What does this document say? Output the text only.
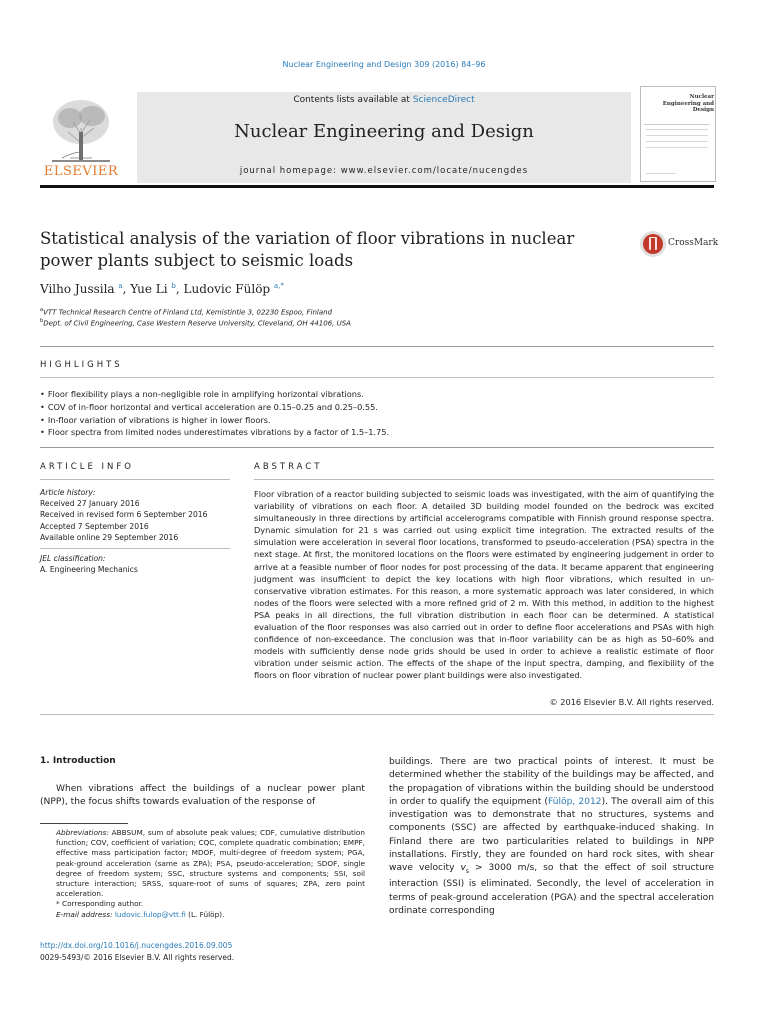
Nuclear Engineering and Design 309 (2016) 84–96
Contents lists available at ScienceDirect
Nuclear Engineering and Design
journal homepage: www.elsevier.com/locate/nucengdes
ELSEVIER
Nuclear Engineering and Design
Statistical analysis of the variation of floor vibrations in nuclear power plants subject to seismic loads
CrossMark
Vilho Jussila $^a$, Yue Li $^b$, Ludovic Fülöp $^{a,*}$
$^a$VTT Technical Research Centre of Finland Ltd, Kemistintie 3, 02230 Espoo, Finland
$^b$Dept. of Civil Engineering, Case Western Reserve University, Cleveland, OH 44106, USA
HIGHLIGHTS
• Floor flexibility plays a non-negligible role in amplifying horizontal vibrations.
• COV of in-floor horizontal and vertical acceleration are 0.15–0.25 and 0.25–0.55.
• In-floor variation of vibrations is higher in lower floors.
• Floor spectra from limited nodes underestimates vibrations by a factor of 1.5–1.75.
ARTICLE INFO
Article history:
Received 27 January 2016
Received in revised form 6 September 2016
Accepted 7 September 2016
Available online 29 September 2016
JEL classification:
A. Engineering Mechanics
ABSTRACT
Floor vibration of a reactor building subjected to seismic loads was investigated, with the aim of quantifying the variability of vibrations on each floor. A detailed 3D building model founded on the bedrock was excited simultaneously in three directions by artificial accelerograms compatible with Finnish ground response spectra. Dynamic simulation for 21 s was carried out using explicit time integration. The extracted results of the simulation were acceleration in several floor locations, transformed to pseudo-acceleration (PSA) spectra in the next stage. At first, the monitored locations on the floors were estimated by engineering judgement in order to arrive at a feasible number of floor nodes for post processing of the data. It became apparent that engineering judgment was insufficient to depict the key locations with high floor vibrations, which resulted in un-conservative vibration estimates. For this reason, a more systematic approach was later considered, in which nodes of the floors were selected with a more refined grid of 2 m. With this method, in addition to the highest PSA peaks in all directions, the full vibration distribution in each floor can be determined. A statistical evaluation of the floor responses was also carried out in order to define floor accelerations and PSAs with high confidence of non-exceedance. The conclusion was that in-floor variability can be as high as 50–60% and models with sufficiently dense node grids should be used in order to achieve a realistic estimate of floor vibration under seismic action. The effects of the shape of the input spectra, damping, and flexibility of the floors on floor vibration of nuclear power plant buildings were also investigated.
© 2016 Elsevier B.V. All rights reserved.
1. Introduction
When vibrations affect the buildings of a nuclear power plant (NPP), the focus shifts towards evaluation of the response of
Abbreviations: ABBSUM, sum of absolute peak values; CDF, cumulative distribution function; COV, coefficient of variation; CQC, complete quadratic combination; EMPF, effective mass participation factor; MDOF, multi-degree of freedom system; PGA, peak-ground acceleration (same as ZPA); PSA, pseudo-acceleration; SDOF, single degree of freedom system; SSC, structure systems and components; SSI, soil structure interaction; SRSS, square-root of sums of squares; ZPA, zero point acceleration.
* Corresponding author.
E-mail address: ludovic.fulop@vtt.fi (L. Fülöp).
http://dx.doi.org/10.1016/j.nucengdes.2016.09.005
0029-5493/© 2016 Elsevier B.V. All rights reserved.
buildings. There are two practical points of interest. It must be determined whether the stability of the buildings may be affected, and the propagation of vibrations within the building should be understood in order to qualify the equipment (Fülöp, 2012). The overall aim of this investigation was to demonstrate that no structures, systems and components (SSC) are affected by earthquake-induced shaking. In Finland there are two particularities related to buildings in NPP installations. Firstly, they are founded on hard rock sites, with shear wave velocity $v_s > 3000$ m/s, so that the effect of soil structure interaction (SSI) is eliminated. Secondly, the level of acceleration in terms of peak-ground acceleration (PGA) and the spectral acceleration ordinate corresponding
